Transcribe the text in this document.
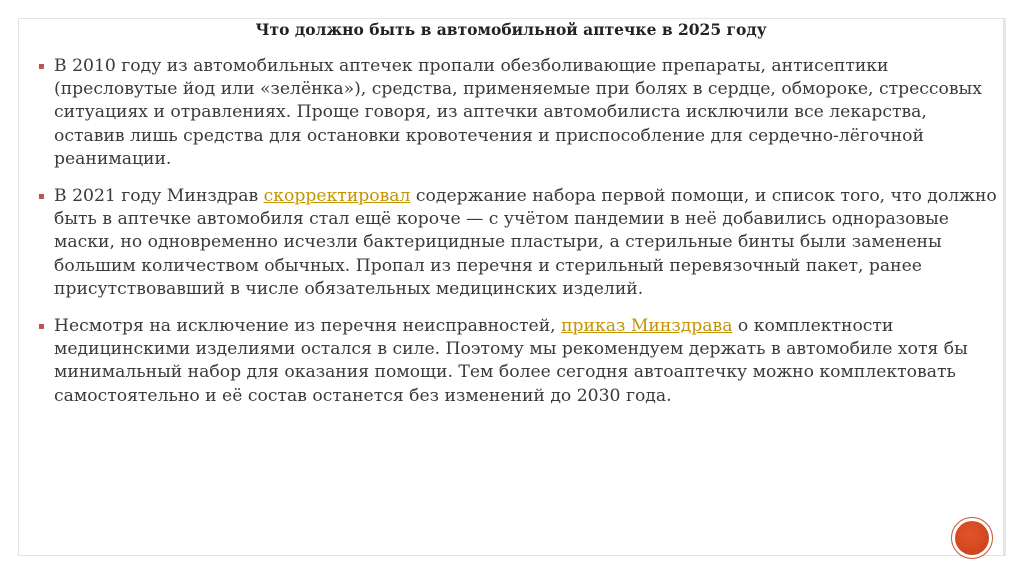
Что должно быть в автомобильной аптечке в 2025 году
▪ В 2010 году из автомобильных аптечек пропали обезболивающие препараты, антисептики (пресловутые йод или «зелёнка»), средства, применяемые при болях в сердце, обмороке, стрессовых ситуациях и отравлениях. Проще говоря, из аптечки автомобилиста исключили все лекарства, оставив лишь средства для остановки кровотечения и приспособление для сердечно-лёгочной реанимации.
▪ В 2021 году Минздрав скорректировал содержание набора первой помощи, и список того, что должно быть в аптечке автомобиля стал ещё короче — с учётом пандемии в неё добавились одноразовые маски, но одновременно исчезли бактерицидные пластыри, а стерильные бинты были заменены большим количеством обычных. Пропал из перечня и стерильный перевязочный пакет, ранее присутствовавший в числе обязательных медицинских изделий.
▪ Несмотря на исключение из перечня неисправностей, приказ Минздрава о комплектности медицинскими изделиями остался в силе. Поэтому мы рекомендуем держать в автомобиле хотя бы минимальный набор для оказания помощи. Тем более сегодня автоаптечку можно комплектовать самостоятельно и её состав останется без изменений до 2030 года.
